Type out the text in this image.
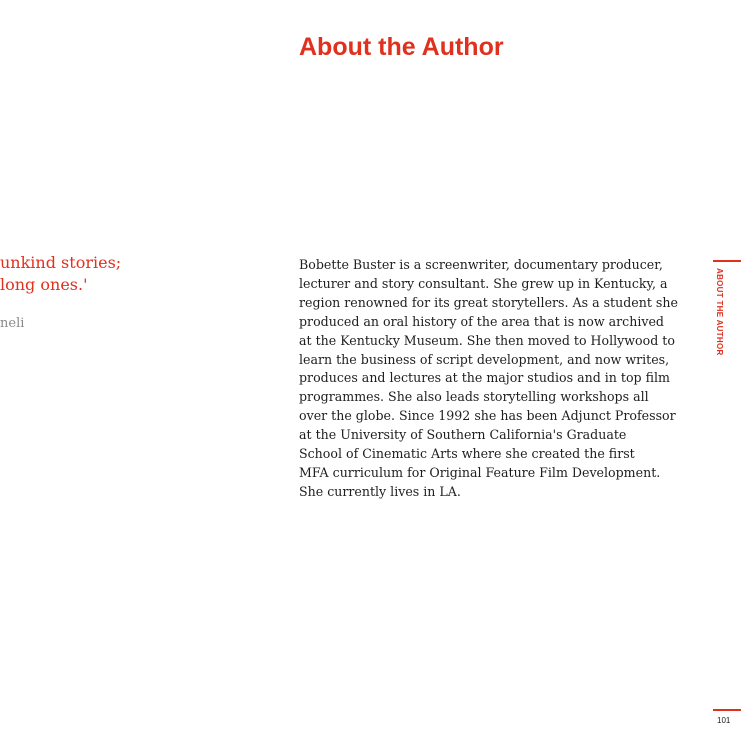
About the Author
unkind stories;
long ones.'
neli
Bobette Buster is a screenwriter, documentary producer,
lecturer and story consultant. She grew up in Kentucky, a
region renowned for its great storytellers. As a student she
produced an oral history of the area that is now archived
at the Kentucky Museum. She then moved to Hollywood to
learn the business of script development, and now writes,
produces and lectures at the major studios and in top film
programmes. She also leads storytelling workshops all
over the globe. Since 1992 she has been Adjunct Professor
at the University of Southern California's Graduate
School of Cinematic Arts where she created the first
MFA curriculum for Original Feature Film Development.
She currently lives in LA.
ABOUT THE AUTHOR
101
